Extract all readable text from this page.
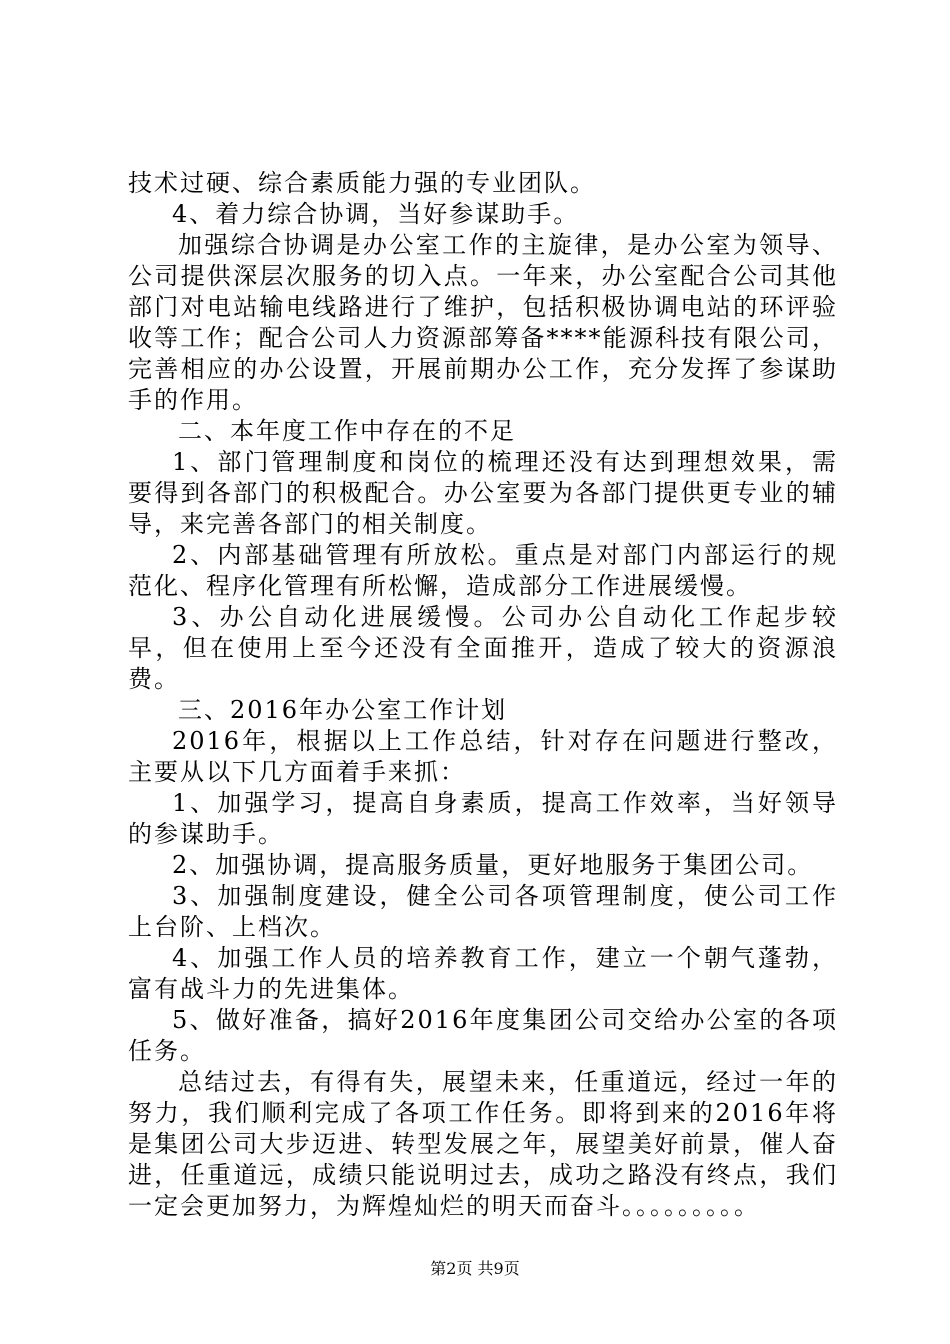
技术过硬、综合素质能力强的专业团队。

4、着力综合协调，当好参谋助手。

加强综合协调是办公室工作的主旋律，是办公室为领导、公司提供深层次服务的切入点。一年来，办公室配合公司其他部门对电站输电线路进行了维护，包括积极协调电站的环评验收等工作；配合公司人力资源部筹备****能源科技有限公司，完善相应的办公设置，开展前期办公工作，充分发挥了参谋助手的作用。

二、本年度工作中存在的不足

1、部门管理制度和岗位的梳理还没有达到理想效果，需要得到各部门的积极配合。办公室要为各部门提供更专业的辅导，来完善各部门的相关制度。

2、内部基础管理有所放松。重点是对部门内部运行的规范化、程序化管理有所松懈，造成部分工作进展缓慢。

3、办公自动化进展缓慢。公司办公自动化工作起步较早，但在使用上至今还没有全面推开，造成了较大的资源浪费。

三、2016年办公室工作计划

2016年，根据以上工作总结，针对存在问题进行整改，主要从以下几方面着手来抓：

1、加强学习，提高自身素质，提高工作效率，当好领导的参谋助手。

2、加强协调，提高服务质量，更好地服务于集团公司。

3、加强制度建设，健全公司各项管理制度，使公司工作上台阶、上档次。

4、加强工作人员的培养教育工作，建立一个朝气蓬勃，富有战斗力的先进集体。

5、做好准备，搞好2016年度集团公司交给办公室的各项任务。

总结过去，有得有失，展望未来，任重道远，经过一年的努力，我们顺利完成了各项工作任务。即将到来的2016年将是集团公司大步迈进、转型发展之年，展望美好前景，催人奋进，任重道远，成绩只能说明过去，成功之路没有终点，我们一定会更加努力，为辉煌灿烂的明天而奋斗。。。。。。。。。

第2页 共9页
